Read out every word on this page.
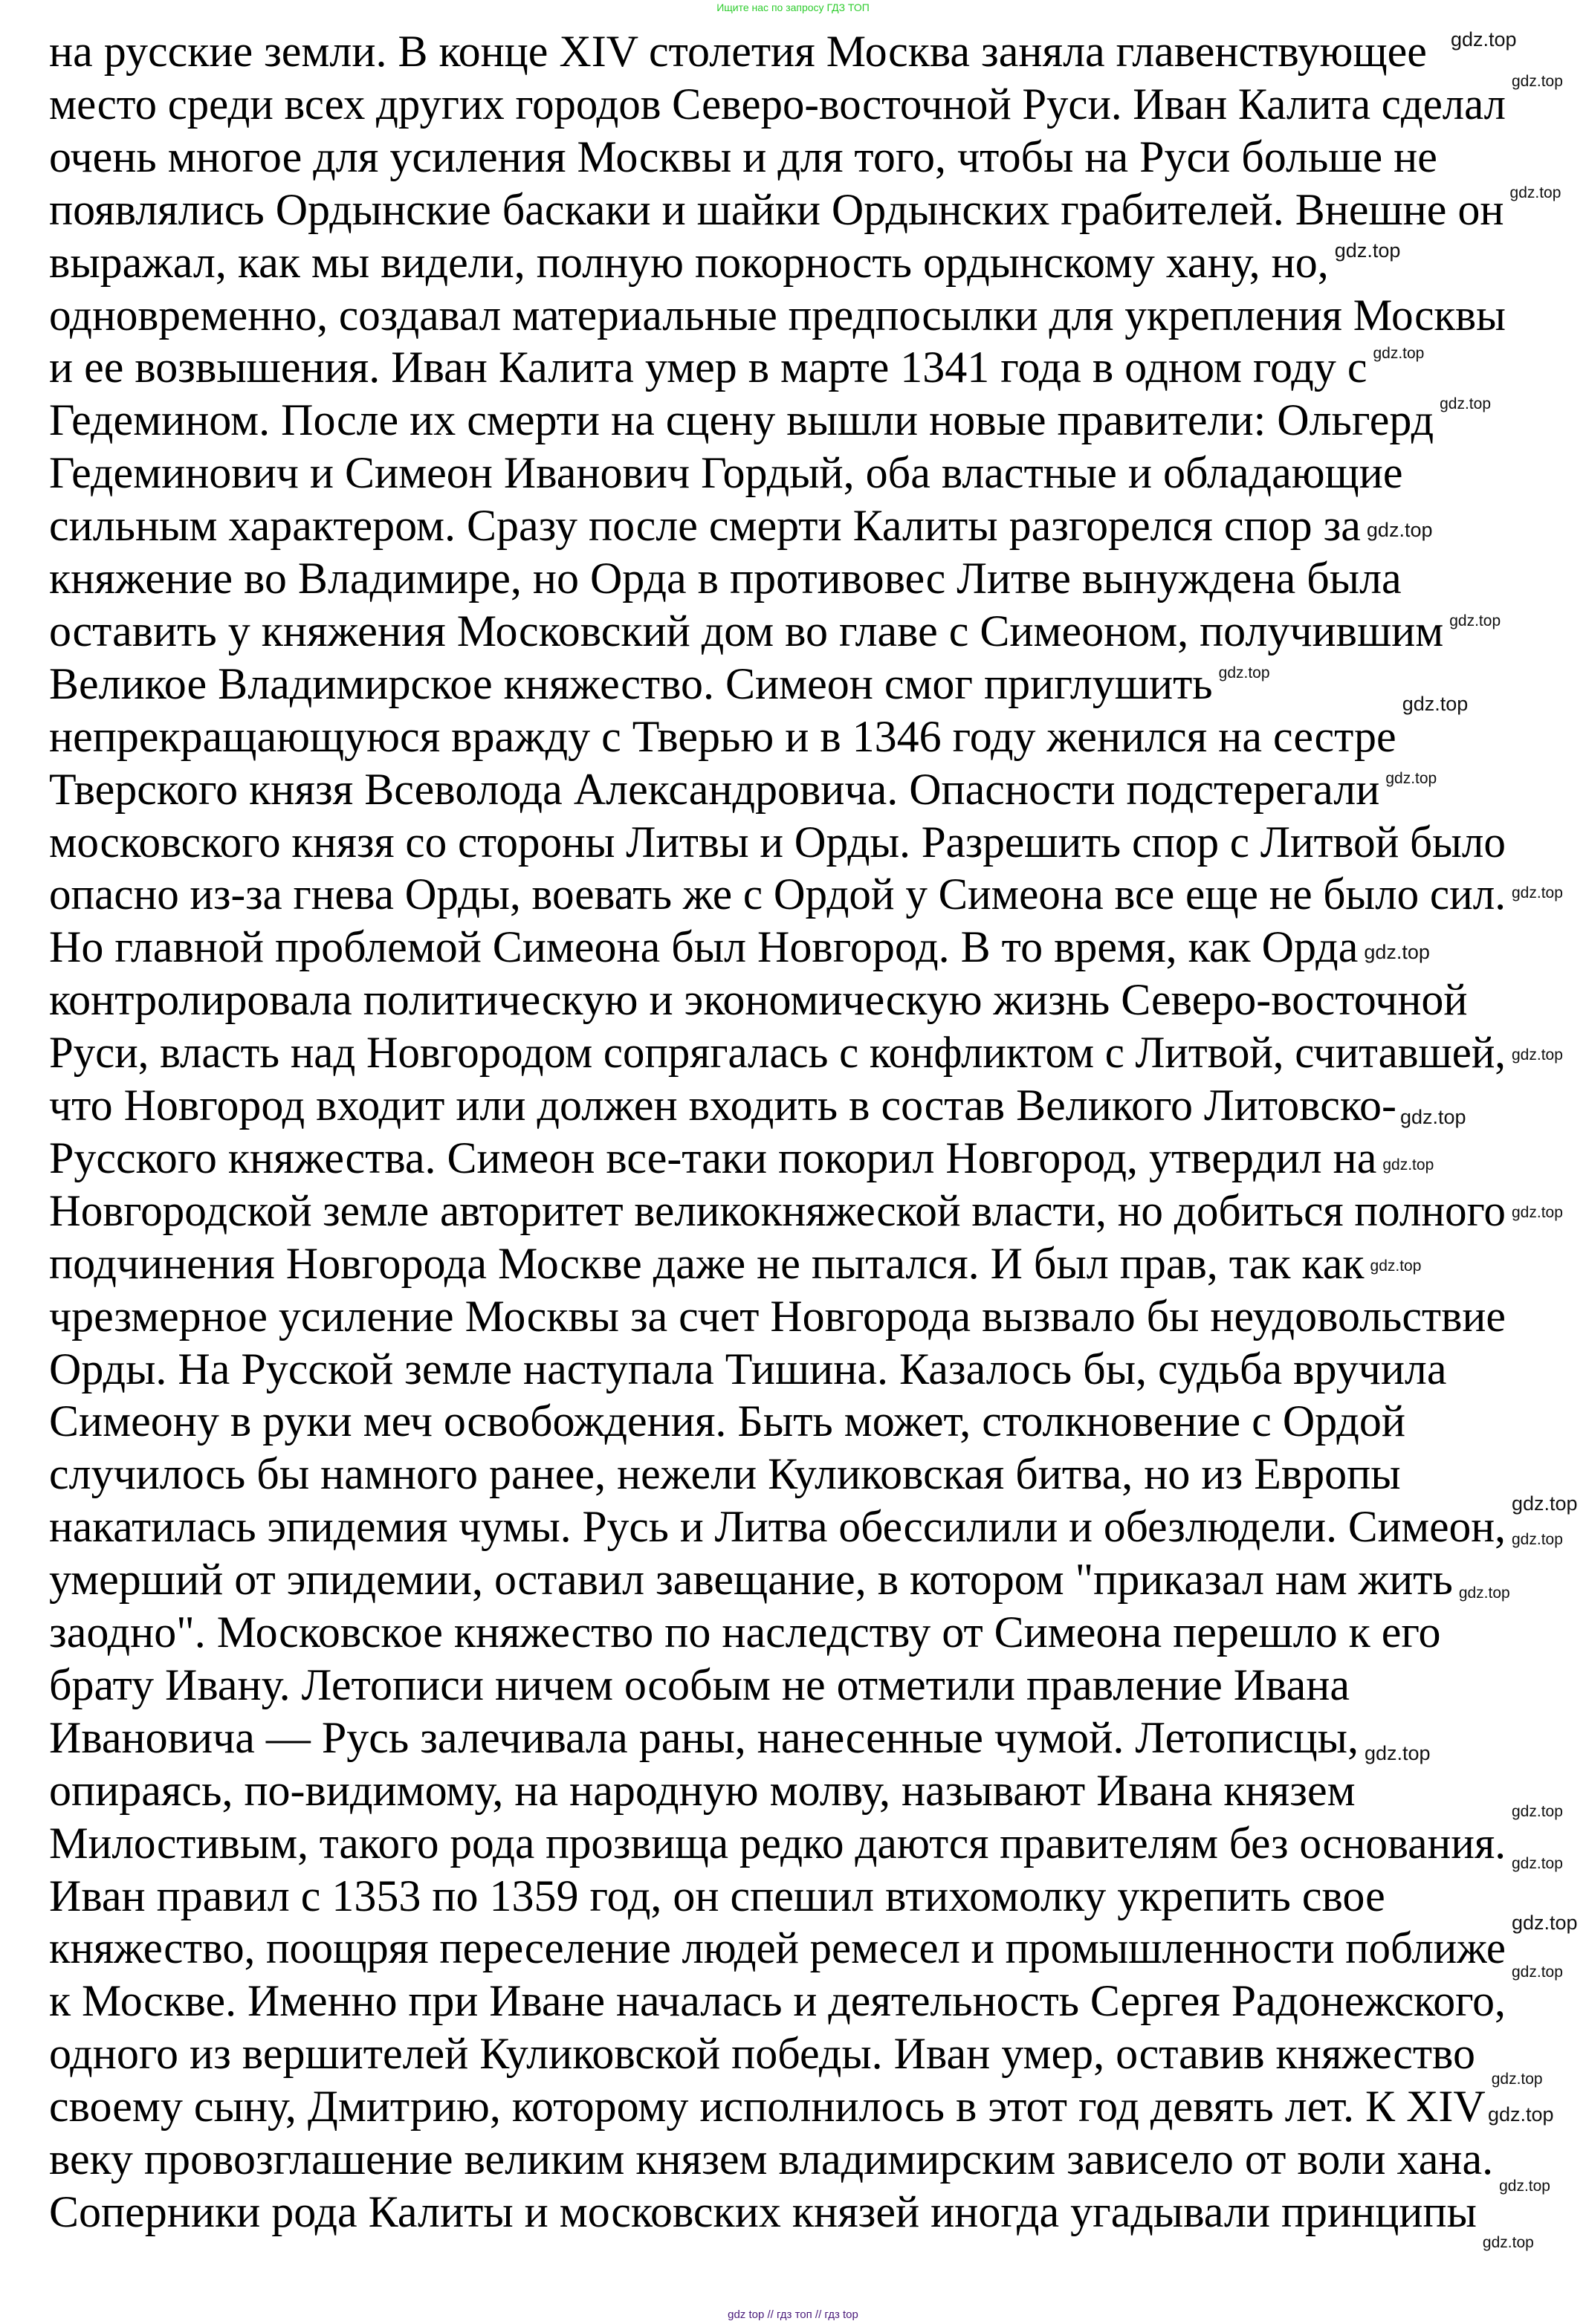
Ищите нас по запросу ГДЗ ТОП
на русские земли. В конце XIV столетия Москва заняла главенствующее
место среди всех других городов Северо-восточной Руси. Иван Калита сделал
очень многое для усиления Москвы и для того, чтобы на Руси больше не
появлялись Ордынские баскаки и шайки Ордынских грабителей. Внешне он
выражал, как мы видели, полную покорность ордынскому хану, но,
одновременно, создавал материальные предпосылки для укрепления Москвы
и ее возвышения. Иван Калита умер в марте 1341 года в одном году с
Гедемином. После их смерти на сцену вышли новые правители: Ольгерд
Гедеминович и Симеон Иванович Гордый, оба властные и обладающие
сильным характером. Сразу после смерти Калиты разгорелся спор за
княжение во Владимире, но Орда в противовес Литве вынуждена была
оставить у княжения Московский дом во главе с Симеоном, получившим
Великое Владимирское княжество. Симеон смог приглушить
непрекращающуюся вражду с Тверью и в 1346 году женился на сестре
Тверского князя Всеволода Александровича. Опасности подстерегали
московского князя со стороны Литвы и Орды. Разрешить спор с Литвой было
опасно из-за гнева Орды, воевать же с Ордой у Симеона все еще не было сил.
Но главной проблемой Симеона был Новгород. В то время, как Орда
контролировала политическую и экономическую жизнь Северо-восточной
Руси, власть над Новгородом сопрягалась с конфликтом с Литвой, считавшей,
что Новгород входит или должен входить в состав Великого Литовско-
Русского княжества. Симеон все-таки покорил Новгород, утвердил на
Новгородской земле авторитет великокняжеской власти, но добиться полного
подчинения Новгорода Москве даже не пытался. И был прав, так как
чрезмерное усиление Москвы за счет Новгорода вызвало бы неудовольствие
Орды. На Русской земле наступала Тишина. Казалось бы, судьба вручила
Симеону в руки меч освобождения. Быть может, столкновение с Ордой
случилось бы намного ранее, нежели Куликовская битва, но из Европы
накатилась эпидемия чумы. Русь и Литва обессилили и обезлюдели. Симеон,
умерший от эпидемии, оставил завещание, в котором "приказал нам жить
заодно". Московское княжество по наследству от Симеона перешло к его
брату Ивану. Летописи ничем особым не отметили правление Ивана
Ивановича — Русь залечивала раны, нанесенные чумой. Летописцы,
опираясь, по-видимому, на народную молву, называют Ивана князем
Милостивым, такого рода прозвища редко даются правителям без основания.
Иван правил с 1353 по 1359 год, он спешил втихомолку укрепить свое
княжество, поощряя переселение людей ремесел и промышленности поближе
к Москве. Именно при Иване началась и деятельность Сергея Радонежского,
одного из вершителей Куликовской победы. Иван умер, оставив княжество
своему сыну, Дмитрию, которому исполнилось в этот год девять лет. К XIV
веку провозглашение великим князем владимирским зависело от воли хана.
Соперники рода Калиты и московских князей иногда угадывали принципы
gdz.top
gdz.top
gdz.top
gdz.top
gdz.top
gdz.top
gdz.top
gdz.top
gdz.top
gdz.top
gdz.top
gdz.top
gdz.top
gdz.top
gdz.top
gdz.top
gdz.top
gdz.top
gdz.top
gdz.top
gdz.top
gdz.top
gdz.top
gdz.top
gdz.top
gdz.top
gdz.top
gdz.top
gdz.top
gdz.top
gdz top // гдз топ // гдз top
